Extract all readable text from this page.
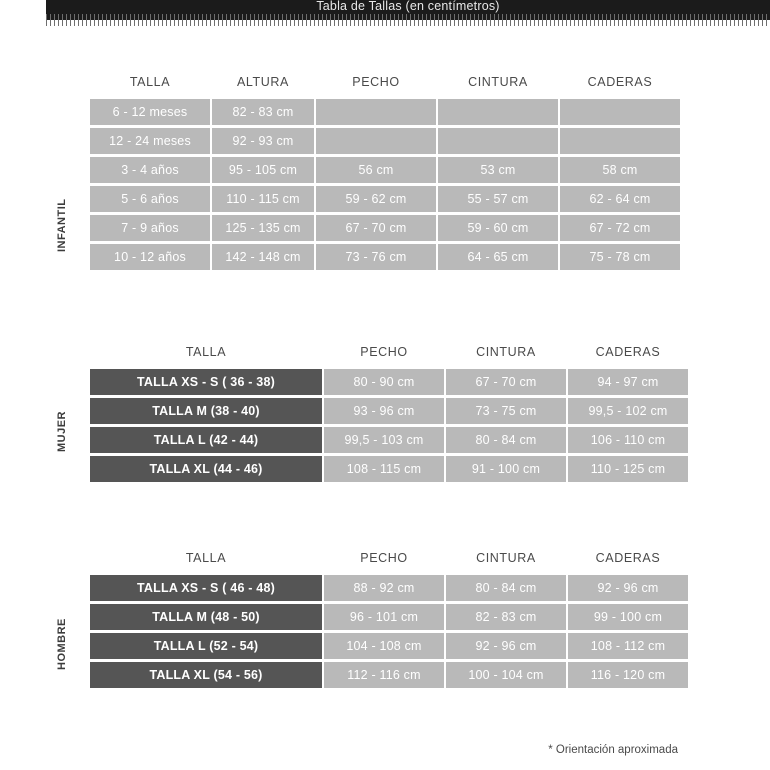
Tabla de Tallas (en centímetros)
INFANTIL
TALLA	ALTURA	PECHO	CINTURA	CADERAS
6 - 12 meses	82 - 83 cm			
12 - 24 meses	92 - 93 cm			
3 - 4 años	95 - 105 cm	56 cm	53 cm	58 cm
5 - 6 años	110 - 115 cm	59 - 62 cm	55 - 57 cm	62 - 64 cm
7 - 9 años	125 - 135 cm	67 - 70 cm	59 - 60 cm	67 - 72 cm
10 - 12 años	142 - 148 cm	73 - 76 cm	64 - 65 cm	75 - 78 cm
MUJER
TALLA	PECHO	CINTURA	CADERAS
TALLA XS - S ( 36 - 38)	80 - 90 cm	67 - 70 cm	94 - 97 cm
TALLA M (38 - 40)	93 - 96 cm	73 - 75 cm	99,5 - 102 cm
TALLA L (42 - 44)	99,5 - 103 cm	80 - 84 cm	106 - 110 cm
TALLA XL (44 - 46)	108 - 115 cm	91 - 100 cm	110 - 125 cm
HOMBRE
TALLA	PECHO	CINTURA	CADERAS
TALLA XS - S ( 46 - 48)	88 - 92 cm	80 - 84 cm	92 - 96 cm
TALLA M (48 - 50)	96 - 101 cm	82 - 83 cm	99 - 100 cm
TALLA L (52 - 54)	104 - 108 cm	92 - 96 cm	108 - 112 cm
TALLA XL (54 - 56)	112 - 116 cm	100 - 104 cm	116 - 120 cm
* Orientación aproximada
